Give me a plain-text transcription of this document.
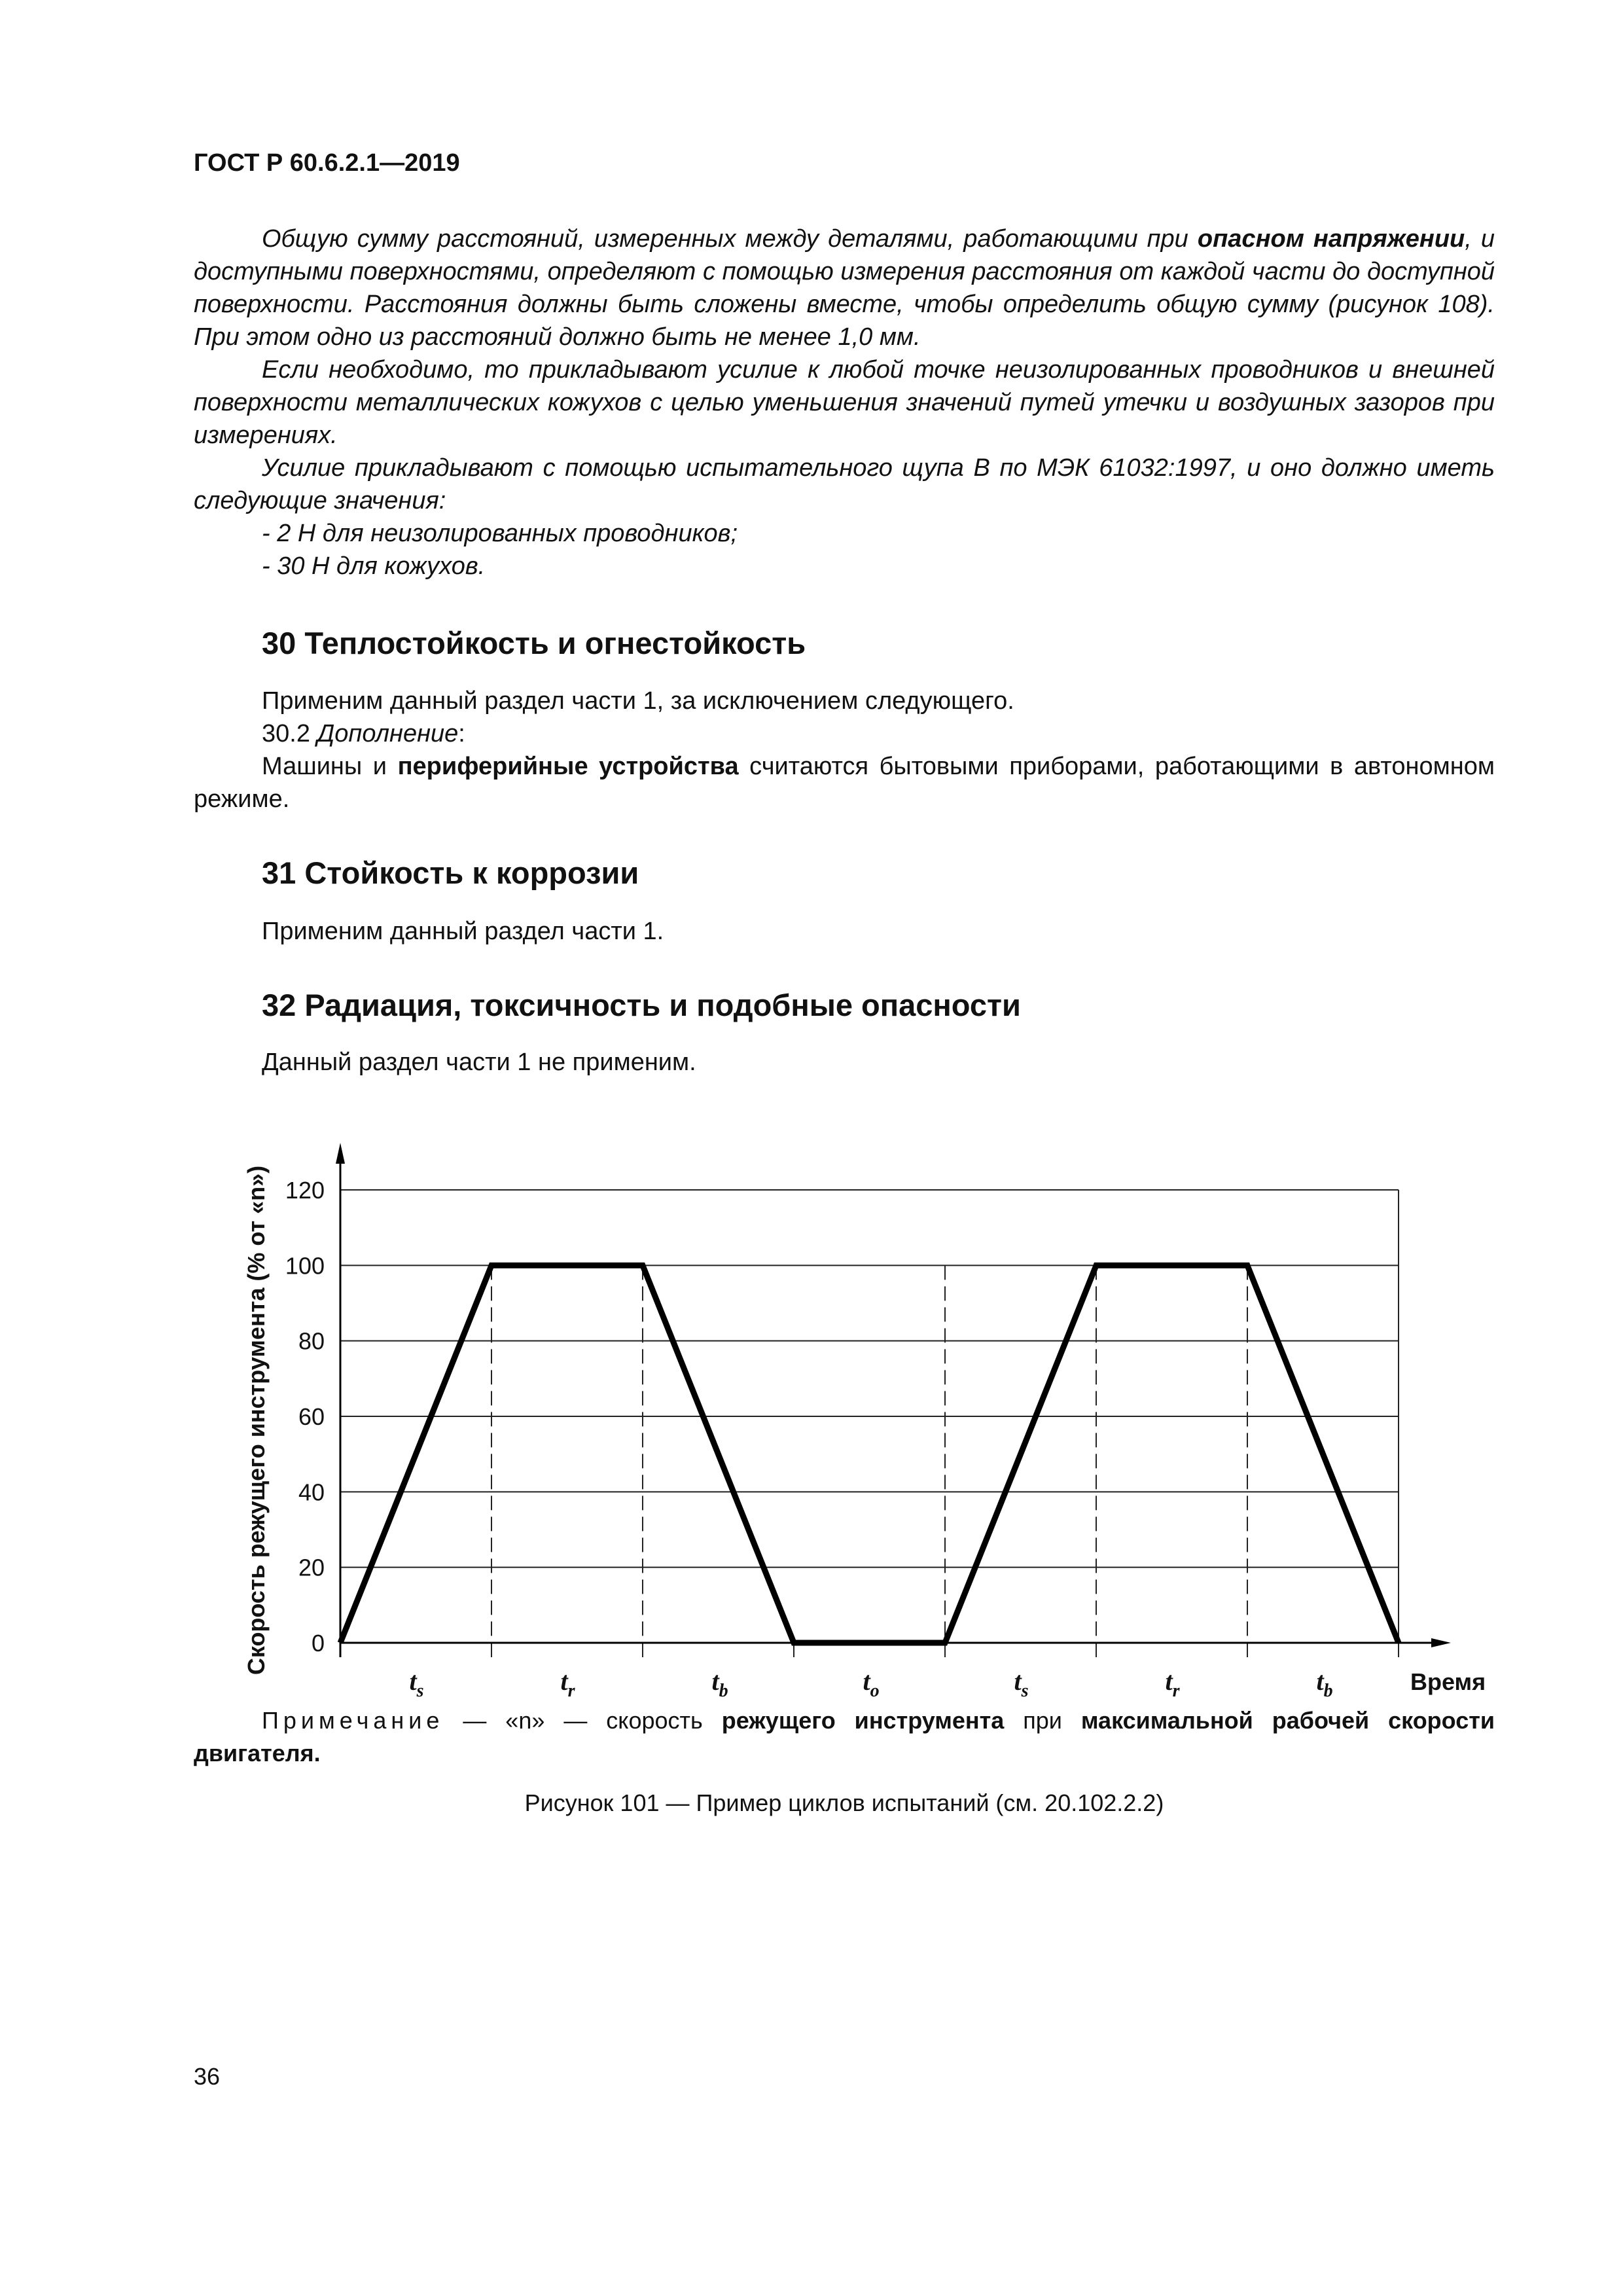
ГОСТ Р 60.6.2.1—2019

Общую сумму расстояний, измеренных между деталями, работающими при опасном напряжении, и доступными поверхностями, определяют с помощью измерения расстояния от каждой части до доступной поверхности. Расстояния должны быть сложены вместе, чтобы определить общую сумму (рисунок 108). При этом одно из расстояний должно быть не менее 1,0 мм.

Если необходимо, то прикладывают усилие к любой точке неизолированных проводников и внешней поверхности металлических кожухов с целью уменьшения значений путей утечки и воздушных зазоров при измерениях.

Усилие прикладывают с помощью испытательного щупа B по МЭК 61032:1997, и оно должно иметь следующие значения:

- 2 Н для неизолированных проводников;

- 30 Н для кожухов.

30 Теплостойкость и огнестойкость

Применим данный раздел части 1, за исключением следующего.

30.2 Дополнение:

Машины и периферийные устройства считаются бытовыми приборами, работающими в автономном режиме.

31 Стойкость к коррозии

Применим данный раздел части 1.

32 Радиация, токсичность и подобные опасности

Данный раздел части 1 не применим.

0
20
40
60
80
100
120
$t_s$	$t_r$	$t_b$	$t_o$	$t_s$	$t_r$	$t_b$	Время
Скорость режущего инструмента (% от «n»)
Примечание — «n» — скорость режущего инструмента при максимальной рабочей скорости двигателя.
Рисунок 101 — Пример циклов испытаний (см. 20.102.2.2)
36
